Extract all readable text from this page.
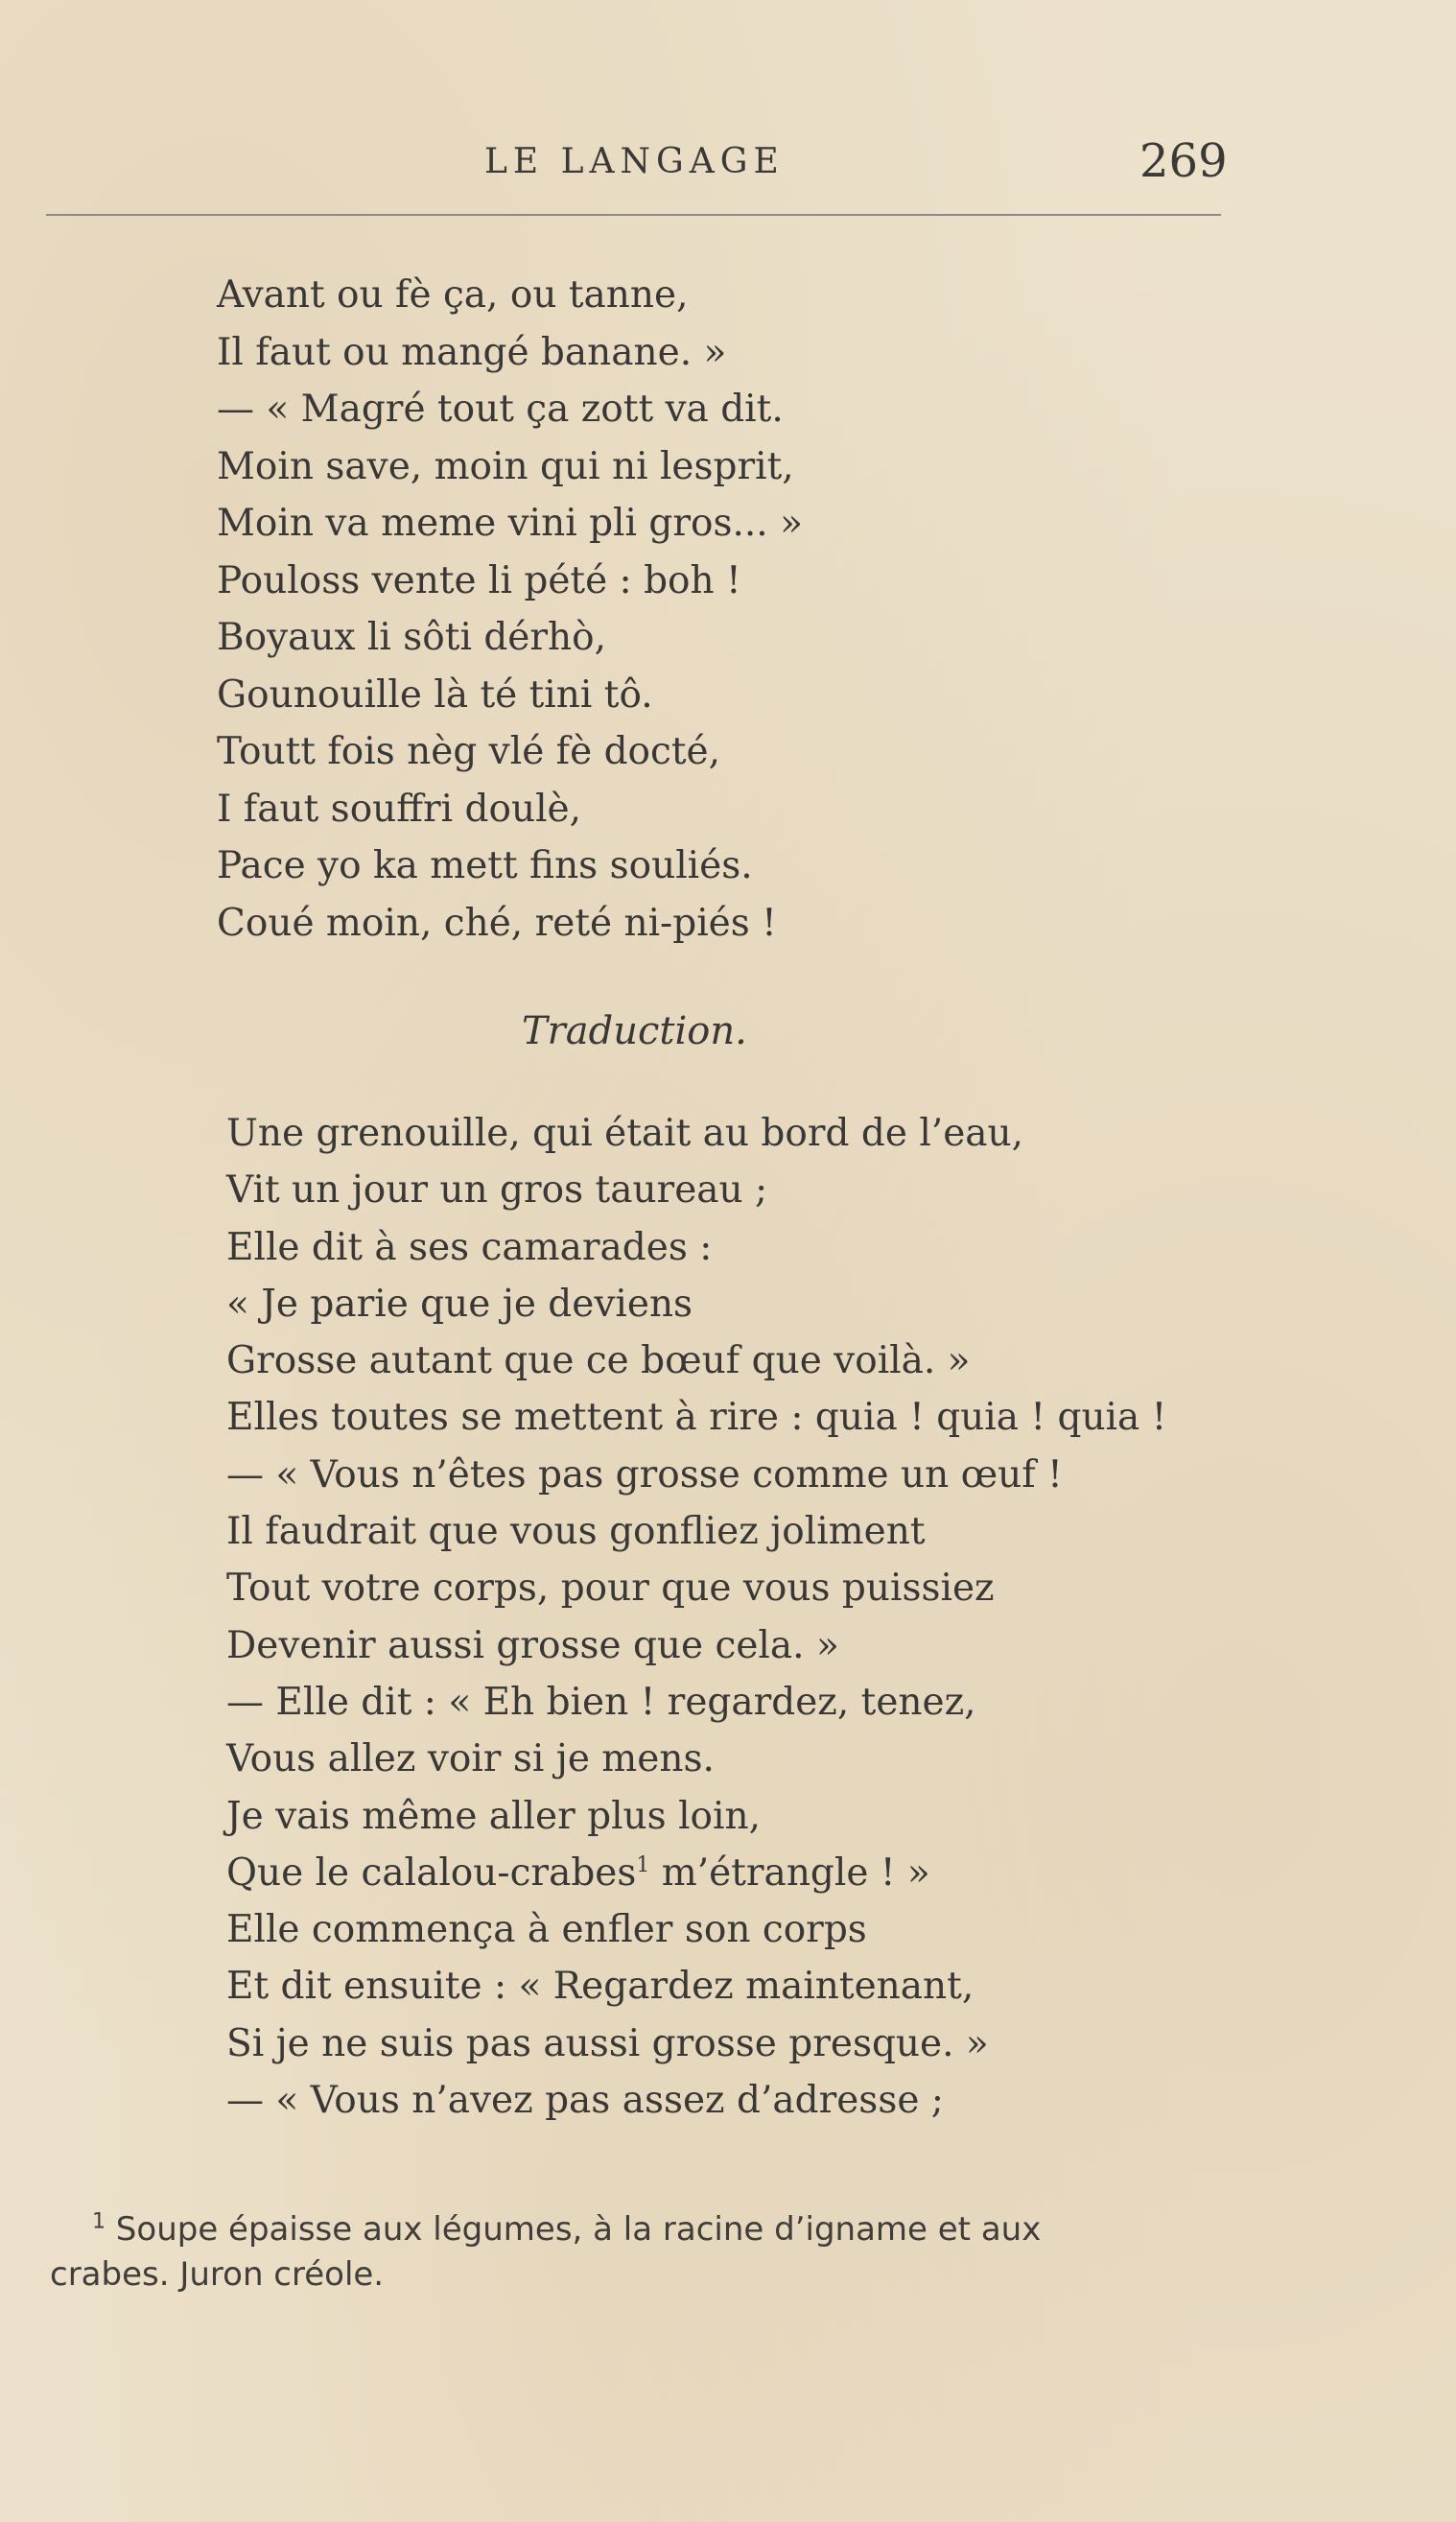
LE LANGAGE	269
Avant ou fè ça, ou tanne,
Il faut ou mangé banane. »
— « Magré tout ça zott va dit.
Moin save, moin qui ni lesprit,
Moin va meme vini pli gros... »
Pouloss vente li pété : boh !
Boyaux li sôti dérhò,
Gounouille là té tini tô.
Toutt fois nèg vlé fè docté,
I faut souffri doulè,
Pace yo ka mett fins souliés.
Coué moin, ché, reté ni-piés !
Traduction.
Une grenouille, qui était au bord de l’eau,
Vit un jour un gros taureau ;
Elle dit à ses camarades :
« Je parie que je deviens
Grosse autant que ce bœuf que voilà. »
Elles toutes se mettent à rire : quia ! quia ! quia !
— « Vous n’êtes pas grosse comme un œuf !
Il faudrait que vous gonfliez joliment
Tout votre corps, pour que vous puissiez
Devenir aussi grosse que cela. »
— Elle dit : « Eh bien ! regardez, tenez,
Vous allez voir si je mens.
Je vais même aller plus loin,
Que le calalou-crabes$^1$ m’étrangle ! »
Elle commença à enfler son corps
Et dit ensuite : « Regardez maintenant,
Si je ne suis pas aussi grosse presque. »
— « Vous n’avez pas assez d’adresse ;
$^1$ Soupe épaisse aux légumes, à la racine d’igname et aux
crabes. Juron créole.
